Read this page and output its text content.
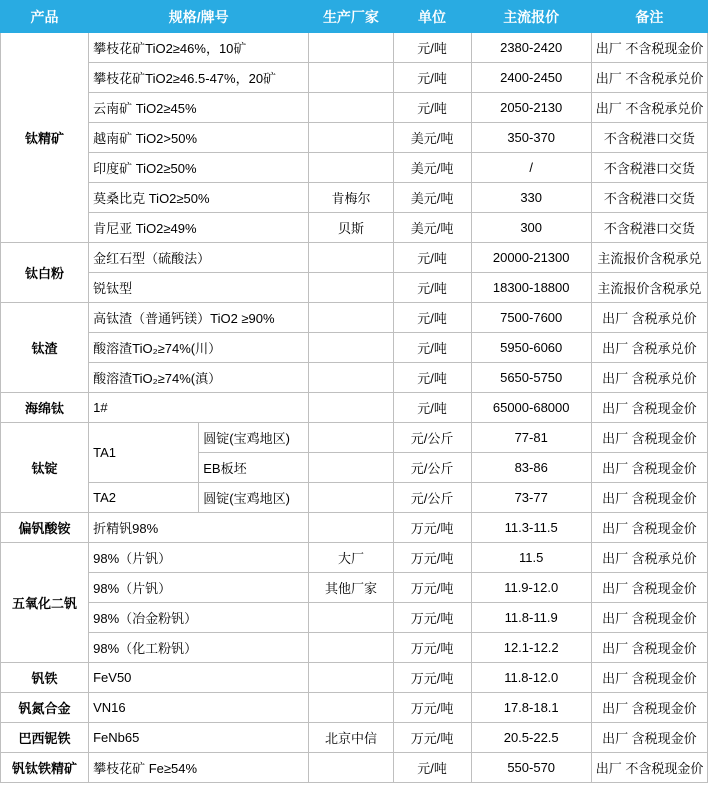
产品	规格/牌号		生产厂家	单位	主流报价	备注
钛精矿	攀枝花矿TiO2≥46%，10矿			元/吨	2380-2420	出厂 不含税现金价
	攀枝花矿TiO2≥46.5-47%，20矿			元/吨	2400-2450	出厂 不含税承兑价
	云南矿 TiO2≥45%			元/吨	2050-2130	出厂 不含税承兑价
	越南矿 TiO2>50%			美元/吨	350-370	不含税港口交货
	印度矿 TiO2≥50%			美元/吨	/	不含税港口交货
	莫桑比克 TiO2≥50%		肯梅尔	美元/吨	330	不含税港口交货
	肯尼亚 TiO2≥49%		贝斯	美元/吨	300	不含税港口交货
钛白粉	金红石型（硫酸法）			元/吨	20000-21300	主流报价含税承兑
	锐钛型			元/吨	18300-18800	主流报价含税承兑
钛渣	高钛渣（普通钙镁）TiO2 ≥90%			元/吨	7500-7600	出厂 含税承兑价
	酸溶渣TiO₂≥74%(川）			元/吨	5950-6060	出厂 含税承兑价
	酸溶渣TiO₂≥74%(滇）			元/吨	5650-5750	出厂 含税承兑价
海绵钛	1#			元/吨	65000-68000	出厂 含税现金价
钛锭	TA1	圆锭(宝鸡地区)		元/公斤	77-81	出厂 含税现金价
		EB板坯		元/公斤	83-86	出厂 含税现金价
	TA2	圆锭(宝鸡地区)		元/公斤	73-77	出厂 含税现金价
偏钒酸铵	折精钒98%			万元/吨	11.3-11.5	出厂 含税现金价
五氧化二钒	98%（片钒）		大厂	万元/吨	11.5	出厂 含税承兑价
	98%（片钒）		其他厂家	万元/吨	11.9-12.0	出厂 含税现金价
	98%（冶金粉钒）			万元/吨	11.8-11.9	出厂 含税现金价
	98%（化工粉钒）			万元/吨	12.1-12.2	出厂 含税现金价
钒铁	FeV50			万元/吨	11.8-12.0	出厂 含税现金价
钒氮合金	VN16			万元/吨	17.8-18.1	出厂 含税现金价
巴西铌铁	FeNb65		北京中信	万元/吨	20.5-22.5	出厂 含税现金价
钒钛铁精矿	攀枝花矿 Fe≥54%			元/吨	550-570	出厂 不含税现金价
